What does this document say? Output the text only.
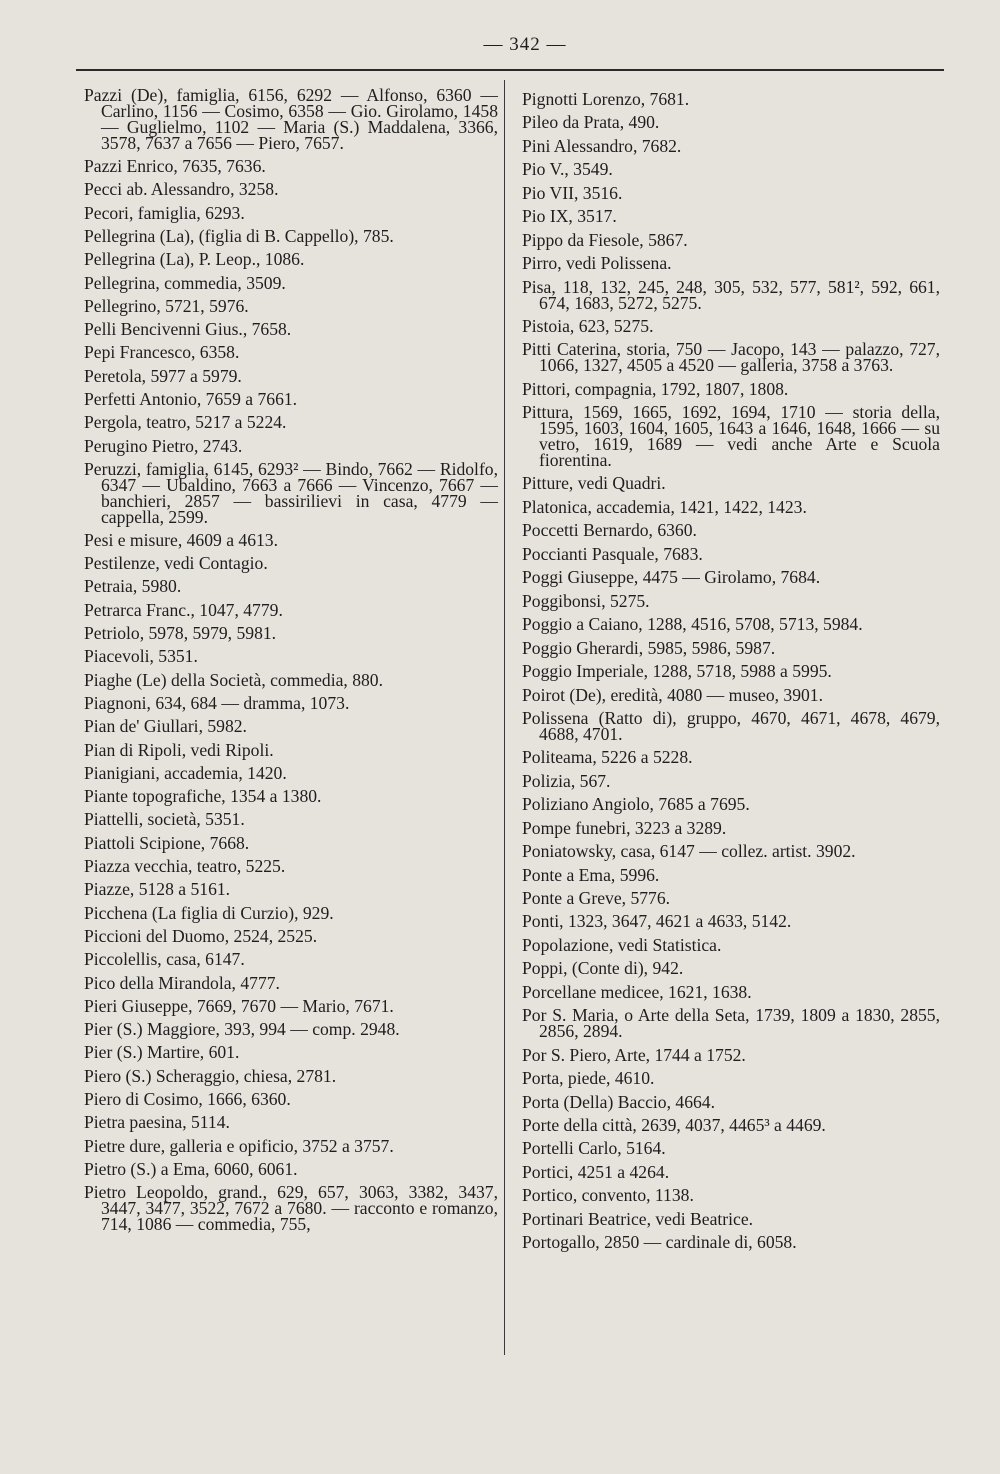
— 342 —

Pazzi (De), famiglia, 6156, 6292 — Alfonso, 6360 — Carlino, 1156 — Cosimo, 6358 — Gio. Girolamo, 1458 — Guglielmo, 1102 — Maria (S.) Maddalena, 3366, 3578, 7637 a 7656 — Piero, 7657.

Pazzi Enrico, 7635, 7636.

Pecci ab. Alessandro, 3258.

Pecori, famiglia, 6293.

Pellegrina (La), (figlia di B. Cappello), 785.

Pellegrina (La), P. Leop., 1086.

Pellegrina, commedia, 3509.

Pellegrino, 5721, 5976.

Pelli Bencivenni Gius., 7658.

Pepi Francesco, 6358.

Peretola, 5977 a 5979.

Perfetti Antonio, 7659 a 7661.

Pergola, teatro, 5217 a 5224.

Perugino Pietro, 2743.

Peruzzi, famiglia, 6145, 6293² — Bindo, 7662 — Ridolfo, 6347 — Ubaldino, 7663 a 7666 — Vincenzo, 7667 — banchieri, 2857 — bassirilievi in casa, 4779 — cappella, 2599.

Pesi e misure, 4609 a 4613.

Pestilenze, vedi Contagio.

Petraia, 5980.

Petrarca Franc., 1047, 4779.

Petriolo, 5978, 5979, 5981.

Piacevoli, 5351.

Piaghe (Le) della Società, commedia, 880.

Piagnoni, 634, 684 — dramma, 1073.

Pian de' Giullari, 5982.

Pian di Ripoli, vedi Ripoli.

Pianigiani, accademia, 1420.

Piante topografiche, 1354 a 1380.

Piattelli, società, 5351.

Piattoli Scipione, 7668.

Piazza vecchia, teatro, 5225.

Piazze, 5128 a 5161.

Picchena (La figlia di Curzio), 929.

Piccioni del Duomo, 2524, 2525.

Piccolellis, casa, 6147.

Pico della Mirandola, 4777.

Pieri Giuseppe, 7669, 7670 — Mario, 7671.

Pier (S.) Maggiore, 393, 994 — comp. 2948.

Pier (S.) Martire, 601.

Piero (S.) Scheraggio, chiesa, 2781.

Piero di Cosimo, 1666, 6360.

Pietra paesina, 5114.

Pietre dure, galleria e opificio, 3752 a 3757.

Pietro (S.) a Ema, 6060, 6061.

Pietro Leopoldo, grand., 629, 657, 3063, 3382, 3437, 3447, 3477, 3522, 7672 a 7680. — racconto e romanzo, 714, 1086 — commedia, 755,

Pignotti Lorenzo, 7681.

Pileo da Prata, 490.

Pini Alessandro, 7682.

Pio V., 3549.

Pio VII, 3516.

Pio IX, 3517.

Pippo da Fiesole, 5867.

Pirro, vedi Polissena.

Pisa, 118, 132, 245, 248, 305, 532, 577, 581², 592, 661, 674, 1683, 5272, 5275.

Pistoia, 623, 5275.

Pitti Caterina, storia, 750 — Jacopo, 143 — palazzo, 727, 1066, 1327, 4505 a 4520 — galleria, 3758 a 3763.

Pittori, compagnia, 1792, 1807, 1808.

Pittura, 1569, 1665, 1692, 1694, 1710 — storia della, 1595, 1603, 1604, 1605, 1643 a 1646, 1648, 1666 — su vetro, 1619, 1689 — vedi anche Arte e Scuola fiorentina.

Pitture, vedi Quadri.

Platonica, accademia, 1421, 1422, 1423.

Poccetti Bernardo, 6360.

Poccianti Pasquale, 7683.

Poggi Giuseppe, 4475 — Girolamo, 7684.

Poggibonsi, 5275.

Poggio a Caiano, 1288, 4516, 5708, 5713, 5984.

Poggio Gherardi, 5985, 5986, 5987.

Poggio Imperiale, 1288, 5718, 5988 a 5995.

Poirot (De), eredità, 4080 — museo, 3901.

Polissena (Ratto di), gruppo, 4670, 4671, 4678, 4679, 4688, 4701.

Politeama, 5226 a 5228.

Polizia, 567.

Poliziano Angiolo, 7685 a 7695.

Pompe funebri, 3223 a 3289.

Poniatowsky, casa, 6147 — collez. artist. 3902.

Ponte a Ema, 5996.

Ponte a Greve, 5776.

Ponti, 1323, 3647, 4621 a 4633, 5142.

Popolazione, vedi Statistica.

Poppi, (Conte di), 942.

Porcellane medicee, 1621, 1638.

Por S. Maria, o Arte della Seta, 1739, 1809 a 1830, 2855, 2856, 2894.

Por S. Piero, Arte, 1744 a 1752.

Porta, piede, 4610.

Porta (Della) Baccio, 4664.

Porte della città, 2639, 4037, 4465³ a 4469.

Portelli Carlo, 5164.

Portici, 4251 a 4264.

Portico, convento, 1138.

Portinari Beatrice, vedi Beatrice.

Portogallo, 2850 — cardinale di, 6058.
